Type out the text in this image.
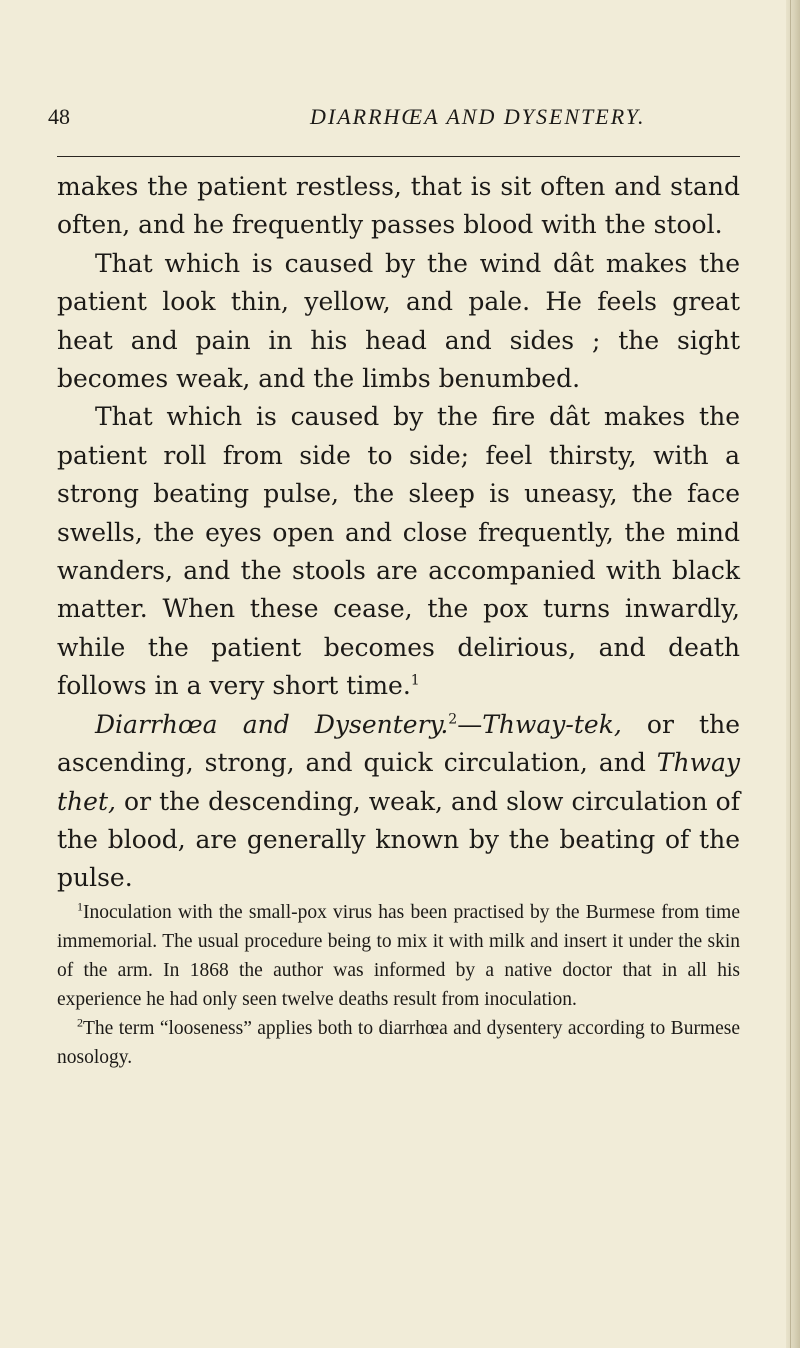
48	DIARRHŒA AND DYSENTERY.

makes the patient restless, that is sit often and stand often, and he frequently passes blood with the stool.

That which is caused by the wind dât makes the patient look thin, yellow, and pale. He feels great heat and pain in his head and sides ; the sight becomes weak, and the limbs benumbed.

That which is caused by the fire dât makes the patient roll from side to side; feel thirsty, with a strong beating pulse, the sleep is uneasy, the face swells, the eyes open and close frequently, the mind wanders, and the stools are accompanied with black matter. When these cease, the pox turns inwardly, while the patient becomes delirious, and death follows in a very short time.$^1$

Diarrhœa and Dysentery.$^2$—Thway-tek, or the ascending, strong, and quick circulation, and Thway thet, or the descending, weak, and slow circulation of the blood, are generally known by the beating of the pulse.

$^1$Inoculation with the small-pox virus has been practised by the Burmese from time immemorial. The usual procedure being to mix it with milk and insert it under the skin of the arm. In 1868 the author was informed by a native doctor that in all his experience he had only seen twelve deaths result from inoculation.

$^2$The term “looseness” applies both to diarrhœa and dysentery according to Burmese nosology.
